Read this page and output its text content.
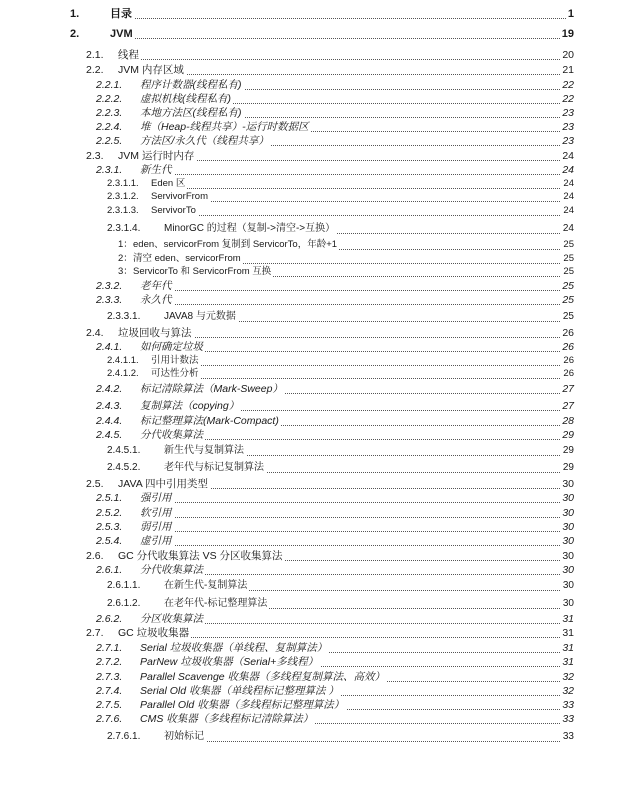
1.	目录	1
2.	JVM	19
2.1. 线程	20
2.2. JVM 内存区域	21
2.2.1. 程序计数器(线程私有)	22
2.2.2. 虚拟机栈(线程私有)	22
2.2.3. 本地方法区(线程私有)	23
2.2.4. 堆（Heap-线程共享）-运行时数据区	23
2.2.5. 方法区/永久代（线程共享）	23
2.3. JVM 运行时内存	24
2.3.1. 新生代	24
2.3.1.1. Eden 区	24
2.3.1.2. ServivorFrom	24
2.3.1.3. ServivorTo	24
2.3.1.4. MinorGC 的过程（复制->清空->互换）	24
1： eden、servicorFrom 复制到 ServicorTo，年龄+1	25
2： 清空 eden、servicorFrom	25
3： ServicorTo 和 ServicorFrom 互换	25
2.3.2. 老年代	25
2.3.3. 永久代	25
2.3.3.1. JAVA8 与元数据	25
2.4. 垃圾回收与算法	26
2.4.1. 如何确定垃圾	26
2.4.1.1. 引用计数法	26
2.4.1.2. 可达性分析	26
2.4.2. 标记清除算法（Mark-Sweep）	27
2.4.3. 复制算法（copying）	27
2.4.4. 标记整理算法(Mark-Compact)	28
2.4.5. 分代收集算法	29
2.4.5.1. 新生代与复制算法	29
2.4.5.2. 老年代与标记复制算法	29
2.5. JAVA 四中引用类型	30
2.5.1. 强引用	30
2.5.2. 软引用	30
2.5.3. 弱引用	30
2.5.4. 虚引用	30
2.6. GC 分代收集算法 VS 分区收集算法	30
2.6.1. 分代收集算法	30
2.6.1.1. 在新生代-复制算法	30
2.6.1.2. 在老年代-标记整理算法	30
2.6.2. 分区收集算法	31
2.7. GC 垃圾收集器	31
2.7.1. Serial 垃圾收集器（单线程、复制算法）	31
2.7.2. ParNew 垃圾收集器（Serial+多线程）	31
2.7.3. Parallel Scavenge 收集器（多线程复制算法、高效）	32
2.7.4. Serial Old 收集器（单线程标记整理算法 ）	32
2.7.5. Parallel Old 收集器（多线程标记整理算法）	33
2.7.6. CMS 收集器（多线程标记清除算法）	33
2.7.6.1. 初始标记	33
